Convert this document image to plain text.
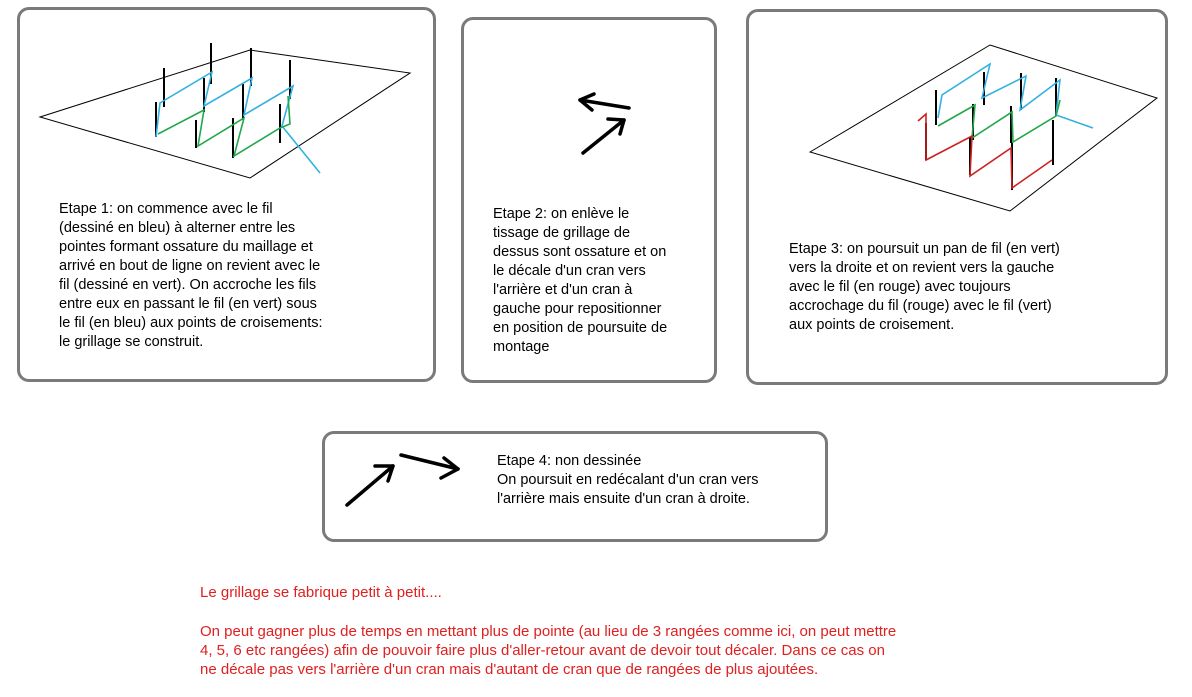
Etape 1: on commence avec le fil
(dessiné en bleu) à alterner entre les
pointes formant ossature du maillage et
arrivé en bout de ligne on revient avec le
fil (dessiné en vert). On accroche les fils
entre eux en passant le fil (en vert) sous
le fil (en bleu) aux points de croisements:
le grillage se construit.

Etape 2: on enlève le
tissage de grillage de
dessus sont ossature et on
le décale d'un cran vers
l'arrière et d'un cran à
gauche pour repositionner
en position de poursuite de
montage

Etape 3: on poursuit un pan de fil (en vert)
vers la droite et on revient vers la gauche
avec le fil (en rouge) avec toujours
accrochage du fil (rouge) avec le fil (vert)
aux points de croisement.

Etape 4: non dessinée
On poursuit en redécalant d'un cran vers
l'arrière mais ensuite d'un cran à droite.

Le grillage se fabrique petit à petit....

On peut gagner plus de temps en mettant plus de pointe (au lieu de 3 rangées comme ici, on peut mettre
4, 5, 6 etc rangées) afin de pouvoir faire plus d'aller-retour avant de devoir tout décaler. Dans ce cas on
ne décale pas vers l'arrière d'un cran mais d'autant de cran que de rangées de plus ajoutées.
